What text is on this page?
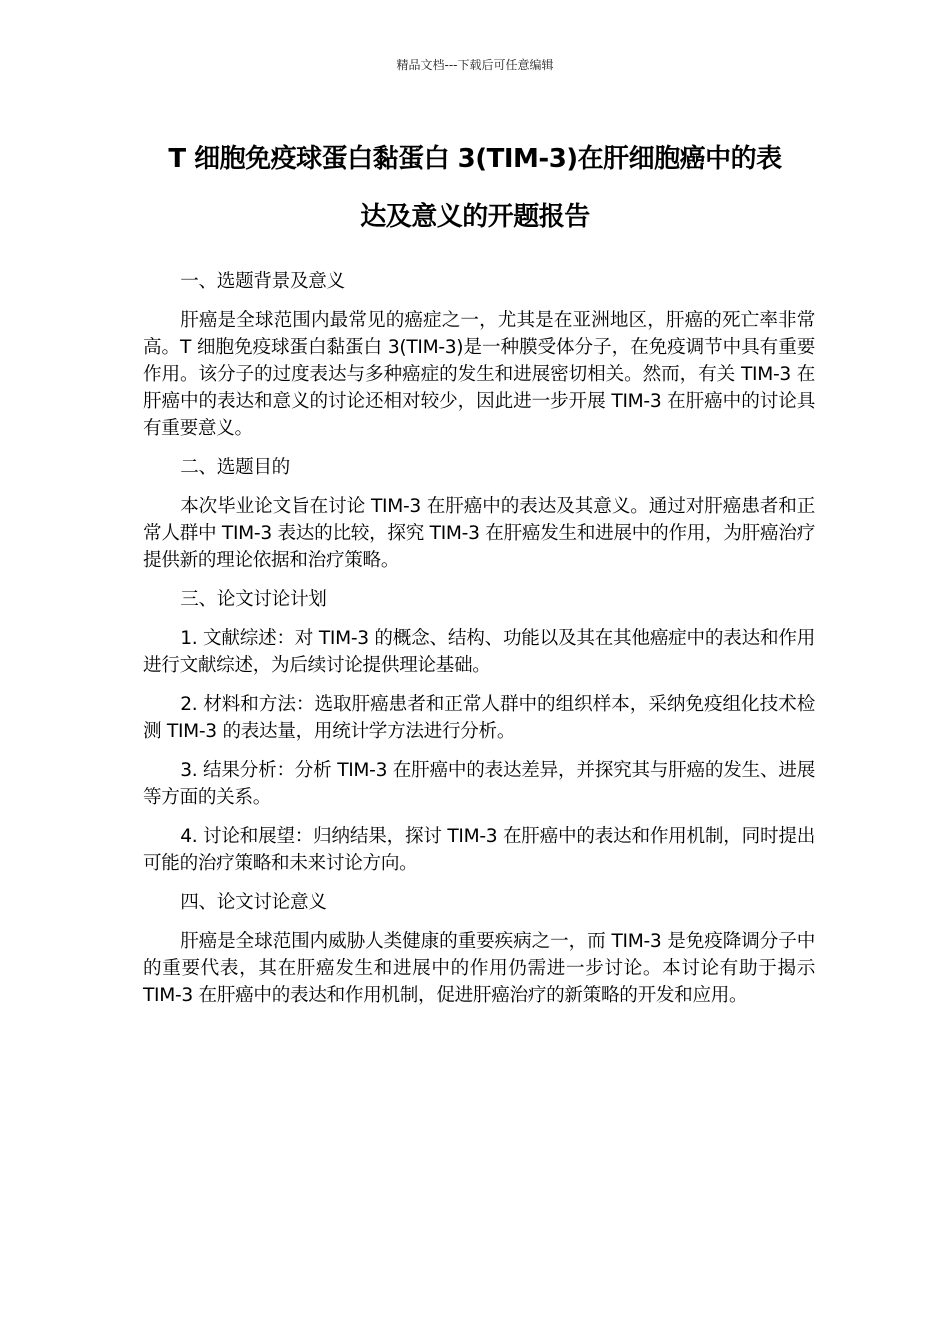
精品文档---下载后可任意编辑
T 细胞免疫球蛋白黏蛋白 3(TIM-3)在肝细胞癌中的表
达及意义的开题报告

一、选题背景及意义

肝癌是全球范围内最常见的癌症之一，尤其是在亚洲地区，肝癌的死亡率非常高。T 细胞免疫球蛋白黏蛋白 3(TIM-3)是一种膜受体分子，在免疫调节中具有重要作用。该分子的过度表达与多种癌症的发生和进展密切相关。然而，有关 TIM-3 在肝癌中的表达和意义的讨论还相对较少，因此进一步开展 TIM-3 在肝癌中的讨论具有重要意义。

二、选题目的

本次毕业论文旨在讨论 TIM-3 在肝癌中的表达及其意义。通过对肝癌患者和正常人群中 TIM-3 表达的比较，探究 TIM-3 在肝癌发生和进展中的作用，为肝癌治疗提供新的理论依据和治疗策略。

三、论文讨论计划

1. 文献综述：对 TIM-3 的概念、结构、功能以及其在其他癌症中的表达和作用进行文献综述，为后续讨论提供理论基础。

2. 材料和方法：选取肝癌患者和正常人群中的组织样本，采纳免疫组化技术检测 TIM-3 的表达量，用统计学方法进行分析。

3. 结果分析：分析 TIM-3 在肝癌中的表达差异，并探究其与肝癌的发生、进展等方面的关系。

4. 讨论和展望：归纳结果，探讨 TIM-3 在肝癌中的表达和作用机制，同时提出可能的治疗策略和未来讨论方向。

四、论文讨论意义

肝癌是全球范围内威胁人类健康的重要疾病之一，而 TIM-3 是免疫降调分子中的重要代表，其在肝癌发生和进展中的作用仍需进一步讨论。本讨论有助于揭示 TIM-3 在肝癌中的表达和作用机制，促进肝癌治疗的新策略的开发和应用。
